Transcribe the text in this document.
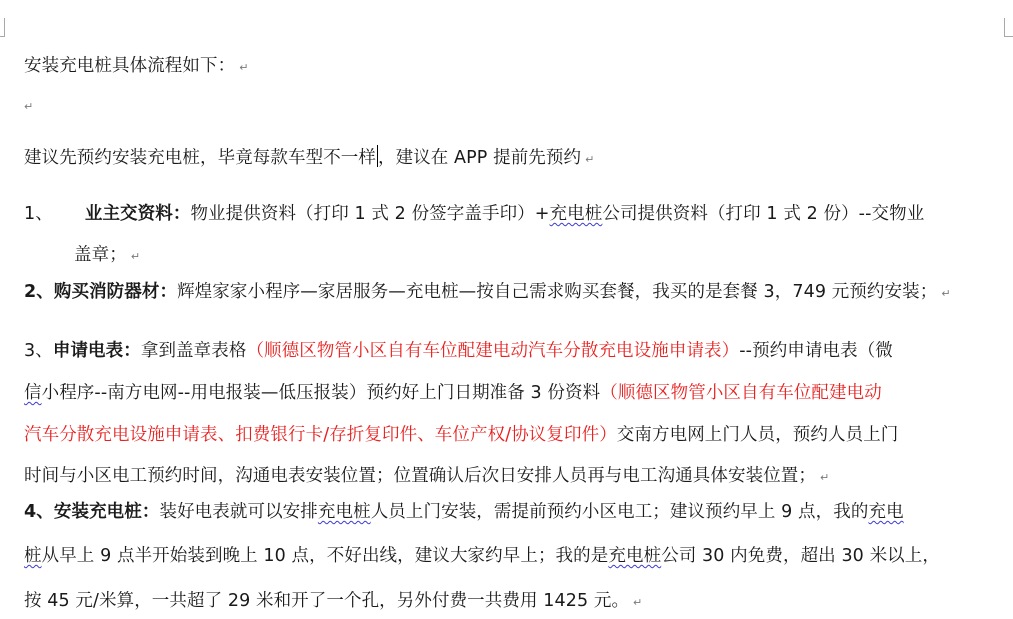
安装充电桩具体流程如下： ↵
↵
建议先预约安装充电桩，毕竟每款车型不一样 ，建议在 APP 提前先预约 ↵
1、 业主交资料：物业提供资料（打印 1 式 2 份签字盖手印）+充电桩公司提供资料（打印 1 式 2 份）--交物业
盖章； ↵
2、购买消防器材：辉煌家家小程序—家居服务—充电桩—按自己需求购买套餐，我买的是套餐 3，749 元预约安装； ↵
3、申请电表：拿到盖章表格（顺德区物管小区自有车位配建电动汽车分散充电设施申请表）--预约申请电表（微
信小程序--南方电网--用电报装—低压报装）预约好上门日期准备 3 份资料（顺德区物管小区自有车位配建电动
汽车分散充电设施申请表、扣费银行卡/存折复印件、车位产权/协议复印件）交南方电网上门人员，预约人员上门
时间与小区电工预约时间，沟通电表安装位置；位置确认后次日安排人员再与电工沟通具体安装位置； ↵
4、安装充电桩：装好电表就可以安排充电桩人员上门安装，需提前预约小区电工；建议预约早上 9 点，我的充电
桩从早上 9 点半开始装到晚上 10 点，不好出线，建议大家约早上；我的是充电桩公司 30 内免费，超出 30 米以上，
按 45 元/米算，一共超了 29 米和开了一个孔，另外付费一共费用 1425 元。 ↵
